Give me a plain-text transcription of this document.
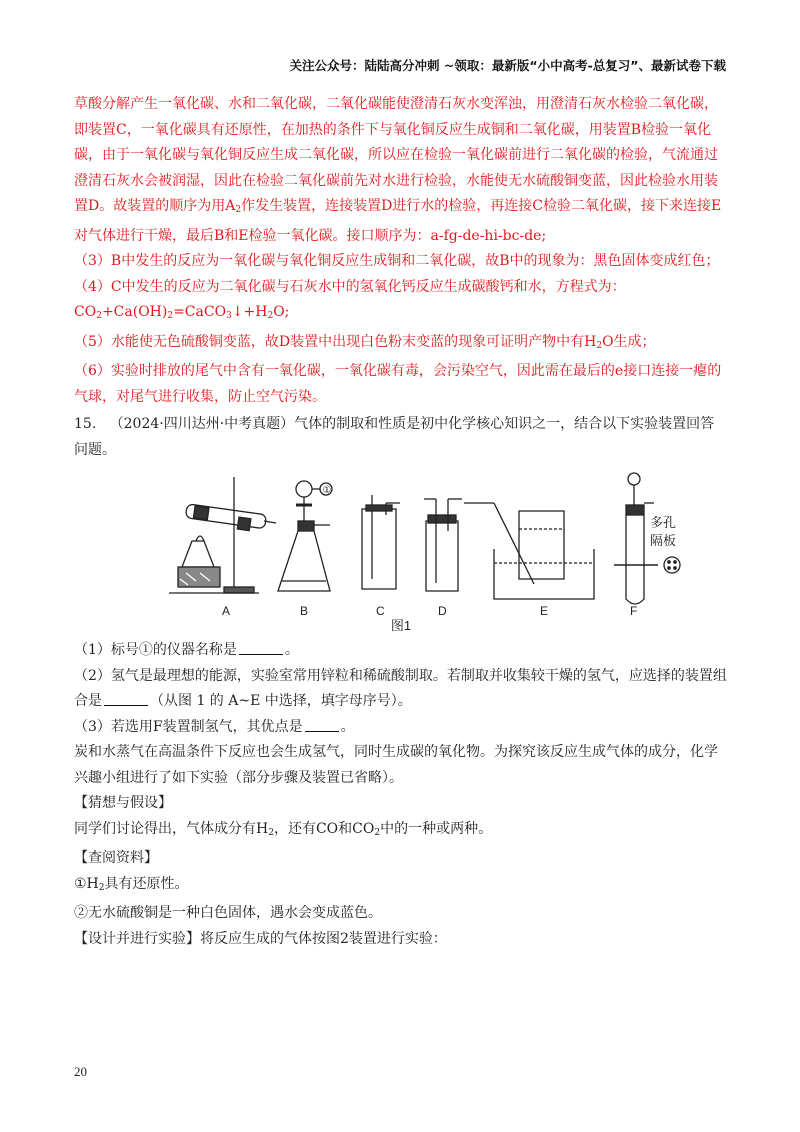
关注公众号：陆陆高分冲刺 ~领取：最新版“小中高考-总复习”、最新试卷下载

草酸分解产生一氧化碳、水和二氧化碳，二氧化碳能使澄清石灰水变浑浊，用澄清石灰水检验二氧化碳，即装置C，一氧化碳具有还原性，在加热的条件下与氧化铜反应生成铜和二氧化碳，用装置B检验一氧化碳，由于一氧化碳与氧化铜反应生成二氧化碳，所以应在检验一氧化碳前进行二氧化碳的检验，气流通过澄清石灰水会被润湿，因此在检验二氧化碳前先对水进行检验，水能使无水硫酸铜变蓝，因此检验水用装置D。故装置的顺序为用$A_2$作发生装置，连接装置D进行水的检验，再连接C检验二氧化碳，接下来连接E对气体进行干燥，最后B和E检验一氧化碳。接口顺序为：a-fg-de-hi-bc-de;

（3）B中发生的反应为一氧化碳与氧化铜反应生成铜和二氧化碳，故B中的现象为：黑色固体变成红色；

（4）C中发生的反应为二氧化碳与石灰水中的氢氧化钙反应生成碳酸钙和水，方程式为：

$CO_2+Ca(OH)_2=CaCO_3↓+H_2O$;

（5）水能使无色硫酸铜变蓝，故D装置中出现白色粉末变蓝的现象可证明产物中有$H_2O$生成；

（6）实验时排放的尾气中含有一氧化碳，一氧化碳有毒，会污染空气，因此需在最后的e接口连接一瘪的气球，对尾气进行收集，防止空气污染。

15. （2024·四川达州·中考真题）气体的制取和性质是初中化学核心知识之一，结合以下实验装置回答问题。

①
多孔
隔板
A	B	C	D	E	F
图1

（1）标号①的仪器名称是	。

（2）氢气是最理想的能源，实验室常用锌粒和稀硫酸制取。若制取并收集较干燥的氢气，应选择的装置组合是	（从图 1 的 A~E 中选择，填字母序号）。

（3）若选用F装置制氢气，其优点是	。

炭和水蒸气在高温条件下反应也会生成氢气，同时生成碳的氧化物。为探究该反应生成气体的成分，化学兴趣小组进行了如下实验（部分步骤及装置已省略）。

【猜想与假设】

同学们讨论得出，气体成分有$H_2$，还有CO和$CO_2$中的一种或两种。

【查阅资料】

$①H_2$具有还原性。

②无水硫酸铜是一种白色固体，遇水会变成蓝色。

【设计并进行实验】将反应生成的气体按图2装置进行实验：

20
